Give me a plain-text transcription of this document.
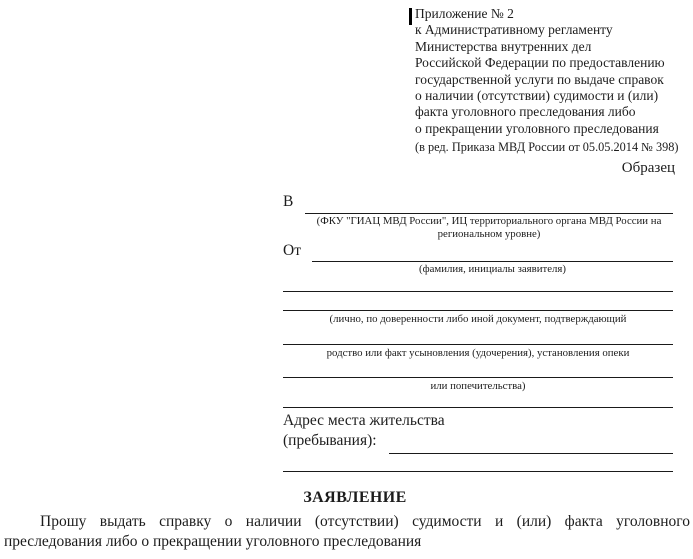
Приложение № 2
к Административному регламенту
Министерства внутренних дел
Российской Федерации по предоставлению
государственной услуги по выдаче справок
о наличии (отсутствии) судимости и (или)
факта уголовного преследования либо
о прекращении уголовного преследования
(в ред. Приказа МВД России от 05.05.2014 № 398)
Образец
В
(ФКУ "ГИАЦ МВД России", ИЦ территориального органа МВД России на
региональном уровне)
От
(фамилия, инициалы заявителя)
(лично, по доверенности либо иной документ, подтверждающий
родство или факт усыновления (удочерения), установления опеки
или попечительства)
Адрес места жительства
(пребывания):
ЗАЯВЛЕНИЕ
Прошу выдать справку о наличии (отсутствии) судимости и (или) факта уголовного
преследования либо о прекращении уголовного преследования
